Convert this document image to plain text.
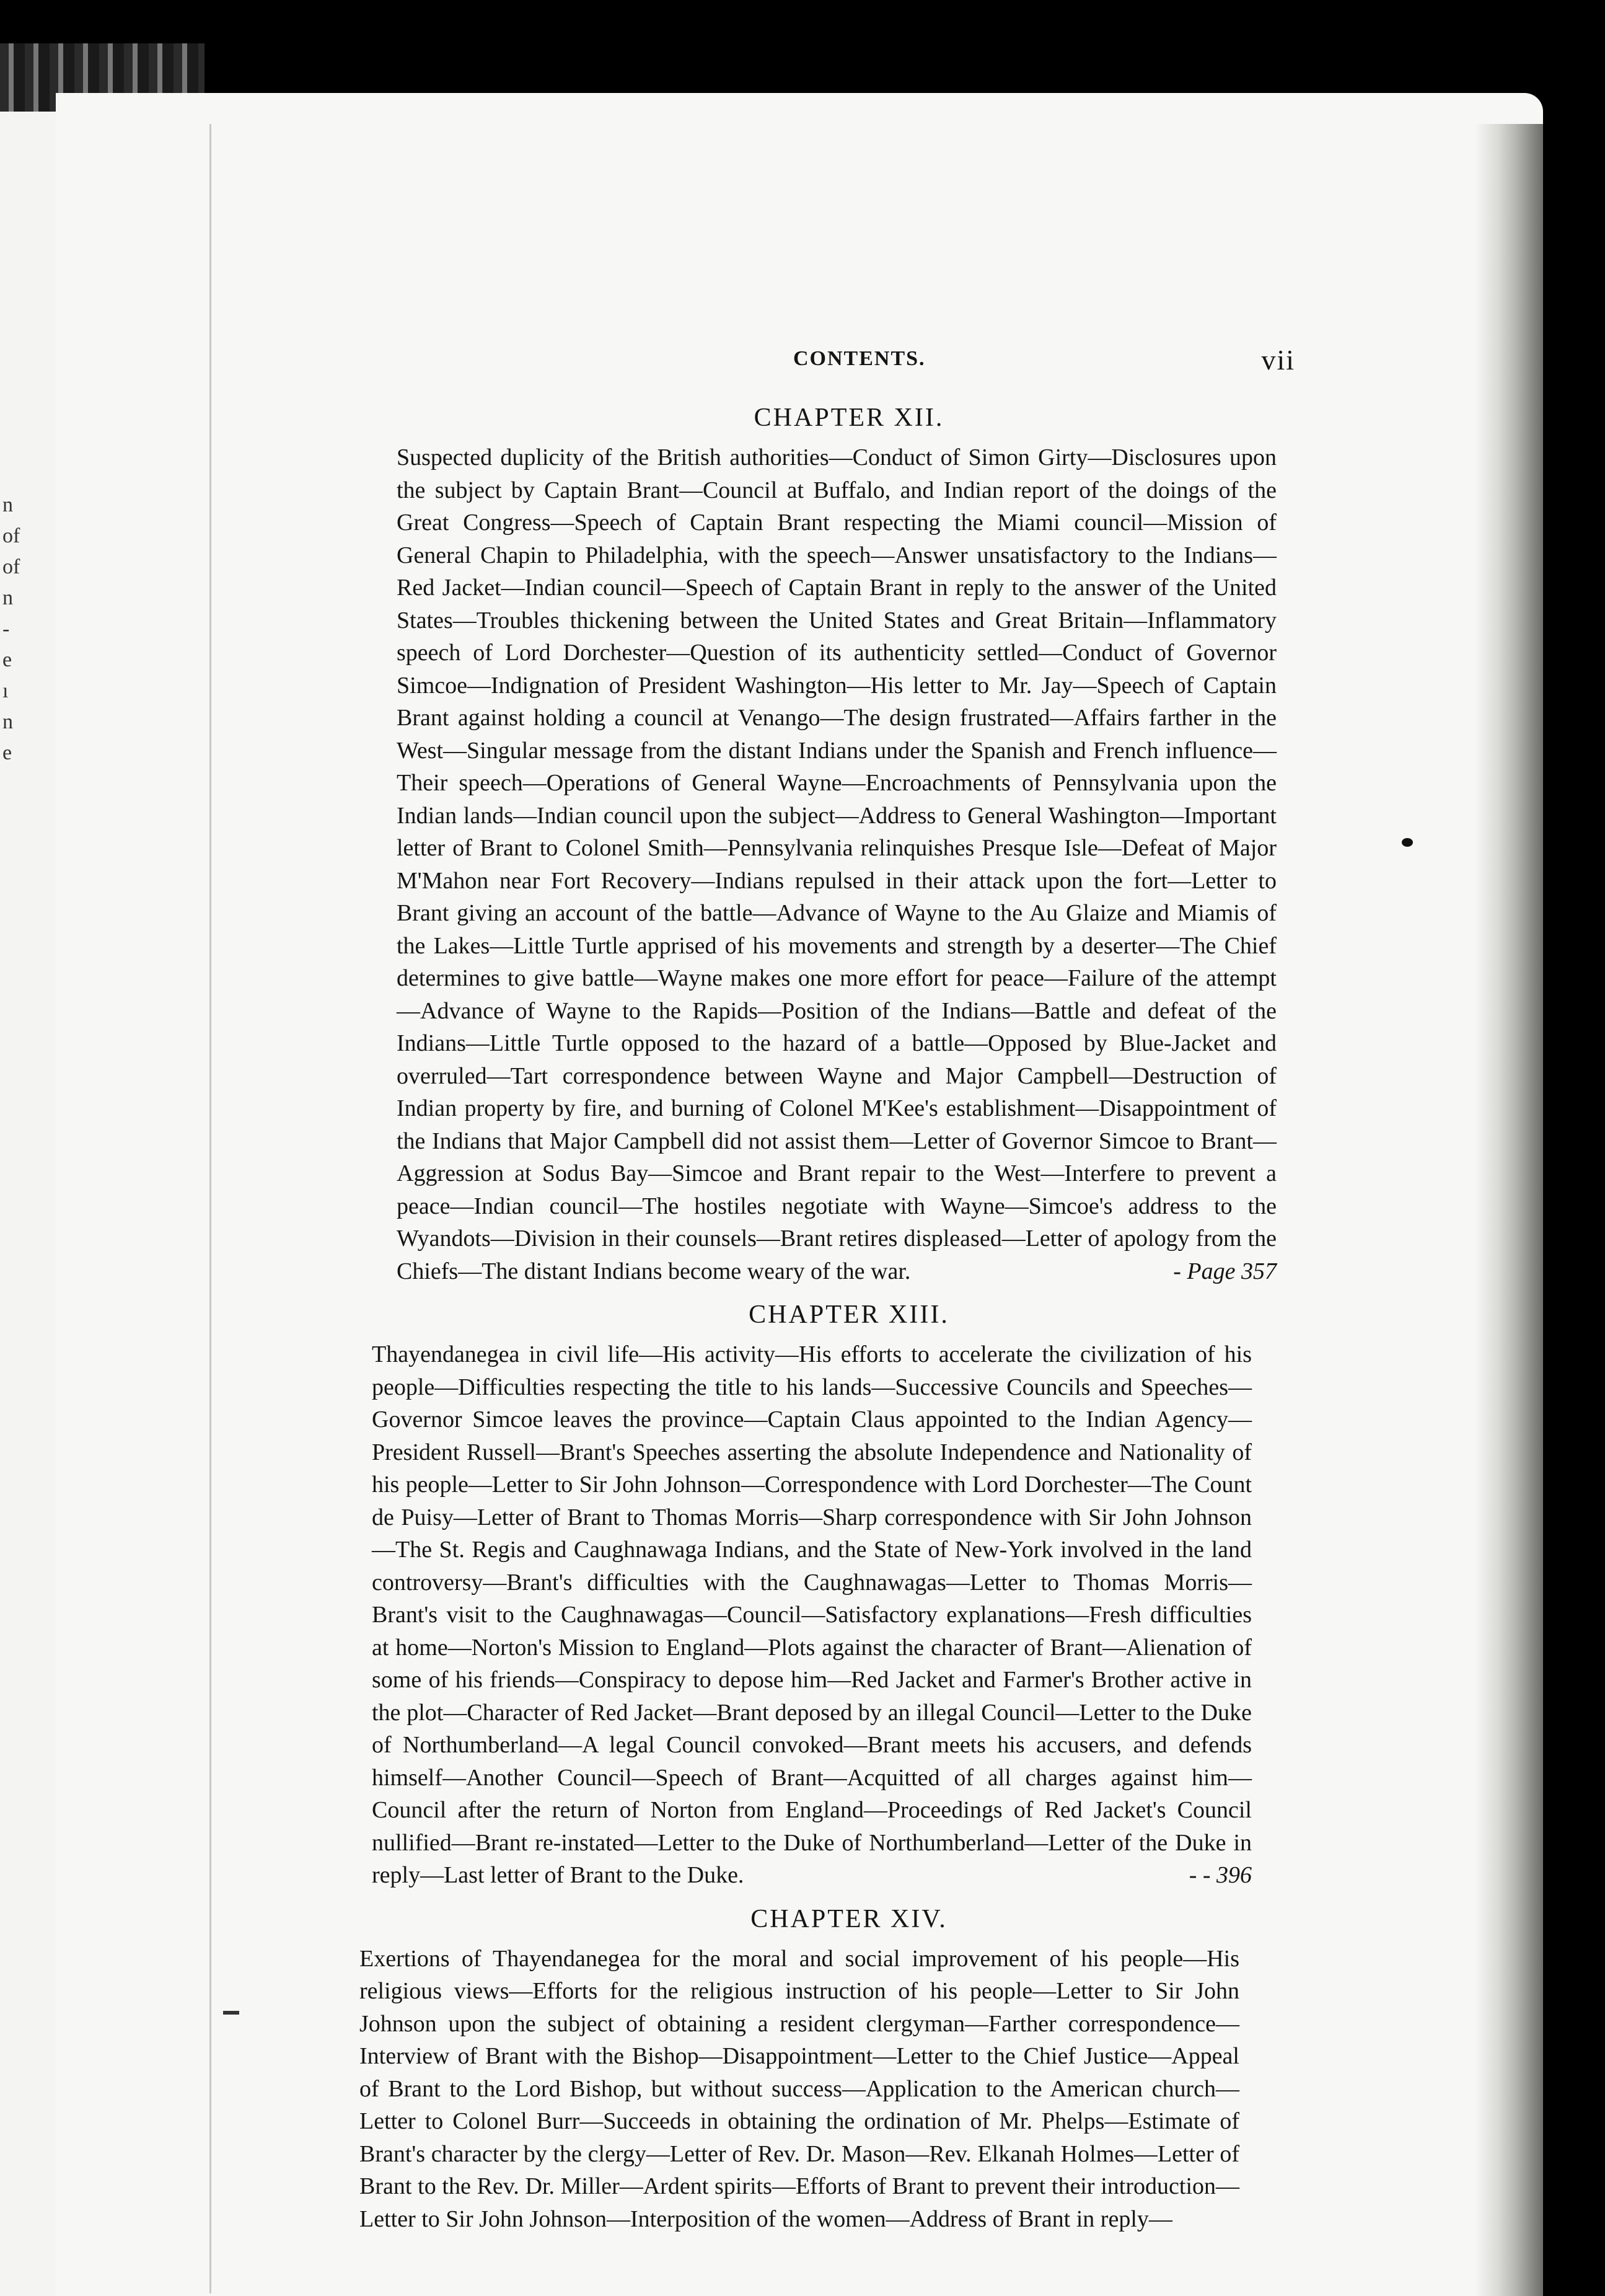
n
of
of
n
-
e
ı
n
e
CONTENTS.	vii
CHAPTER XII.
Suspected duplicity of the British authorities—Conduct of Simon Girty—Disclosures upon the subject by Captain Brant—Council at Buffalo, and Indian report of the doings of the Great Congress—Speech of Captain Brant respecting the Miami council—Mission of General Chapin to Philadelphia, with the speech—Answer unsatisfactory to the Indians—Red Jacket—Indian council—Speech of Captain Brant in reply to the answer of the United States—Troubles thickening between the United States and Great Britain—Inflammatory speech of Lord Dorchester—Question of its authenticity settled—Conduct of Governor Simcoe—Indignation of President Washington—His letter to Mr. Jay—Speech of Captain Brant against holding a council at Venango—The design frustrated—Affairs farther in the West—Singular message from the distant Indians under the Spanish and French influence—Their speech—Operations of General Wayne—Encroachments of Pennsylvania upon the Indian lands—Indian council upon the subject—Address to General Washington—Important letter of Brant to Colonel Smith—Pennsylvania relinquishes Presque Isle—Defeat of Major M'Mahon near Fort Recovery—Indians repulsed in their attack upon the fort—Letter to Brant giving an account of the battle—Advance of Wayne to the Au Glaize and Miamis of the Lakes—Little Turtle apprised of his movements and strength by a deserter—The Chief determines to give battle—Wayne makes one more effort for peace—Failure of the attempt—Advance of Wayne to the Rapids—Position of the Indians—Battle and defeat of the Indians—Little Turtle opposed to the hazard of a battle—Opposed by Blue-Jacket and overruled—Tart correspondence between Wayne and Major Campbell—Destruction of Indian property by fire, and burning of Colonel M'Kee's establishment—Disappointment of the Indians that Major Campbell did not assist them—Letter of Governor Simcoe to Brant—Aggression at Sodus Bay—Simcoe and Brant repair to the West—Interfere to prevent a peace—Indian council—The hostiles negotiate with Wayne—Simcoe's address to the Wyandots—Division in their counsels—Brant retires displeased—Letter of apology from the Chiefs—The distant Indians become weary of the war.	- Page 357
CHAPTER XIII.
Thayendanegea in civil life—His activity—His efforts to accelerate the civilization of his people—Difficulties respecting the title to his lands—Successive Councils and Speeches—Governor Simcoe leaves the province—Captain Claus appointed to the Indian Agency—President Russell—Brant's Speeches asserting the absolute Independence and Nationality of his people—Letter to Sir John Johnson—Correspondence with Lord Dorchester—The Count de Puisy—Letter of Brant to Thomas Morris—Sharp correspondence with Sir John Johnson—The St. Regis and Caughnawaga Indians, and the State of New-York involved in the land controversy—Brant's difficulties with the Caughnawagas—Letter to Thomas Morris—Brant's visit to the Caughnawagas—Council—Satisfactory explanations—Fresh difficulties at home—Norton's Mission to England—Plots against the character of Brant—Alienation of some of his friends—Conspiracy to depose him—Red Jacket and Farmer's Brother active in the plot—Character of Red Jacket—Brant deposed by an illegal Council—Letter to the Duke of Northumberland—A legal Council convoked—Brant meets his accusers, and defends himself—Another Council—Speech of Brant—Acquitted of all charges against him—Council after the return of Norton from England—Proceedings of Red Jacket's Council nullified—Brant re-instated—Letter to the Duke of Northumberland—Letter of the Duke in reply—Last letter of Brant to the Duke.	- - 396
CHAPTER XIV.
Exertions of Thayendanegea for the moral and social improvement of his people—His religious views—Efforts for the religious instruction of his people—Letter to Sir John Johnson upon the subject of obtaining a resident clergyman—Farther correspondence—Interview of Brant with the Bishop—Disappointment—Letter to the Chief Justice—Appeal of Brant to the Lord Bishop, but without success—Application to the American church—Letter to Colonel Burr—Succeeds in obtaining the ordination of Mr. Phelps—Estimate of Brant's character by the clergy—Letter of Rev. Dr. Mason—Rev. Elkanah Holmes—Letter of Brant to the Rev. Dr. Miller—Ardent spirits—Efforts of Brant to prevent their introduction—Letter to Sir John Johnson—Interposition of the women—Address of Brant in reply—
